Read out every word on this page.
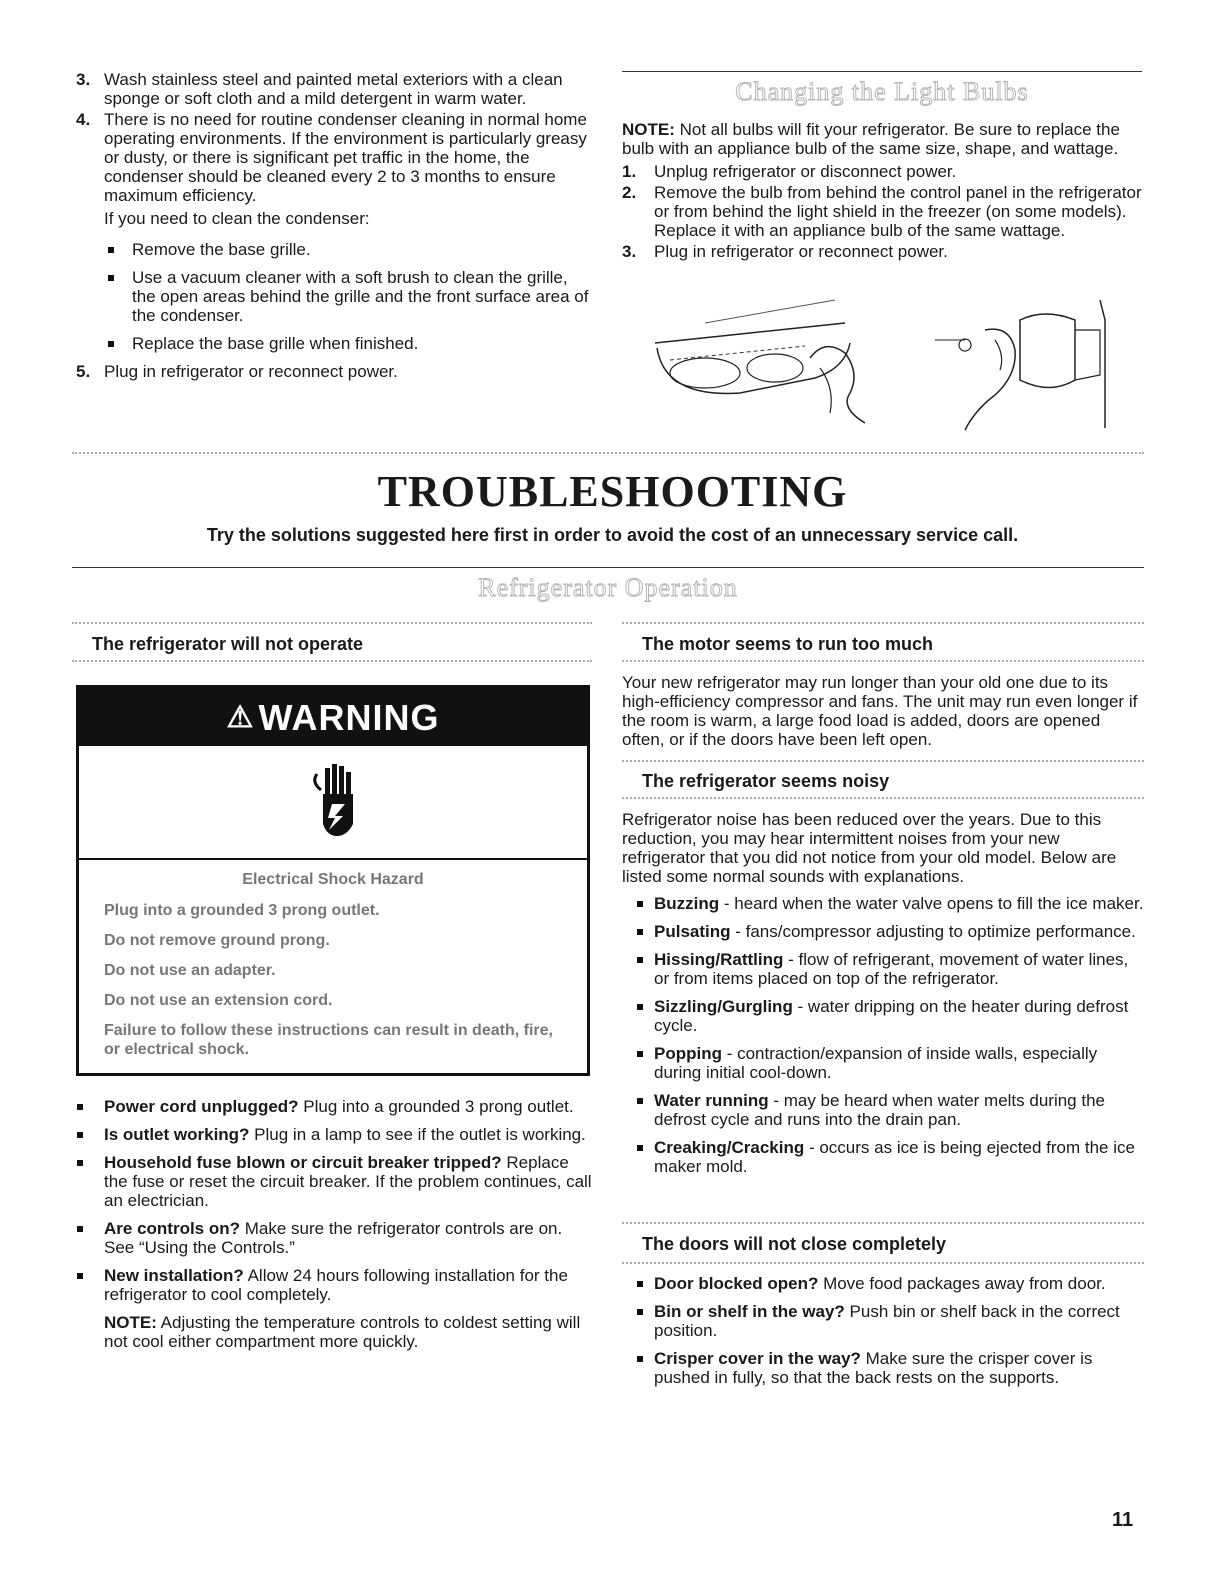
3. Wash stainless steel and painted metal exteriors with a clean sponge or soft cloth and a mild detergent in warm water.

4. There is no need for routine condenser cleaning in normal home operating environments. If the environment is particularly greasy or dusty, or there is significant pet traffic in the home, the condenser should be cleaned every 2 to 3 months to ensure maximum efficiency.

If you need to clean the condenser:

Remove the base grille.

Use a vacuum cleaner with a soft brush to clean the grille, the open areas behind the grille and the front surface area of the condenser.

Replace the base grille when finished.

5. Plug in refrigerator or reconnect power.

Changing the Light Bulbs

NOTE: Not all bulbs will fit your refrigerator. Be sure to replace the bulb with an appliance bulb of the same size, shape, and wattage.

1. Unplug refrigerator or disconnect power.

2. Remove the bulb from behind the control panel in the refrigerator or from behind the light shield in the freezer (on some models). Replace it with an appliance bulb of the same wattage.

3. Plug in refrigerator or reconnect power.

TROUBLESHOOTING
Try the solutions suggested here first in order to avoid the cost of an unnecessary service call.
Refrigerator Operation
The refrigerator will not operate
⚠ WARNING
Electrical Shock Hazard

Plug into a grounded 3 prong outlet.

Do not remove ground prong.

Do not use an adapter.

Do not use an extension cord.

Failure to follow these instructions can result in death, fire, or electrical shock.

Power cord unplugged? Plug into a grounded 3 prong outlet.

Is outlet working? Plug in a lamp to see if the outlet is working.

Household fuse blown or circuit breaker tripped? Replace the fuse or reset the circuit breaker. If the problem continues, call an electrician.

Are controls on? Make sure the refrigerator controls are on. See “Using the Controls.”

New installation? Allow 24 hours following installation for the refrigerator to cool completely.

NOTE: Adjusting the temperature controls to coldest setting will not cool either compartment more quickly.

The motor seems to run too much

Your new refrigerator may run longer than your old one due to its high-efficiency compressor and fans. The unit may run even longer if the room is warm, a large food load is added, doors are opened often, or if the doors have been left open.

The refrigerator seems noisy

Refrigerator noise has been reduced over the years. Due to this reduction, you may hear intermittent noises from your new refrigerator that you did not notice from your old model. Below are listed some normal sounds with explanations.

Buzzing - heard when the water valve opens to fill the ice maker.

Pulsating - fans/compressor adjusting to optimize performance.

Hissing/Rattling - flow of refrigerant, movement of water lines, or from items placed on top of the refrigerator.

Sizzling/Gurgling - water dripping on the heater during defrost cycle.

Popping - contraction/expansion of inside walls, especially during initial cool-down.

Water running - may be heard when water melts during the defrost cycle and runs into the drain pan.

Creaking/Cracking - occurs as ice is being ejected from the ice maker mold.

The doors will not close completely

Door blocked open? Move food packages away from door.

Bin or shelf in the way? Push bin or shelf back in the correct position.

Crisper cover in the way? Make sure the crisper cover is pushed in fully, so that the back rests on the supports.

11
